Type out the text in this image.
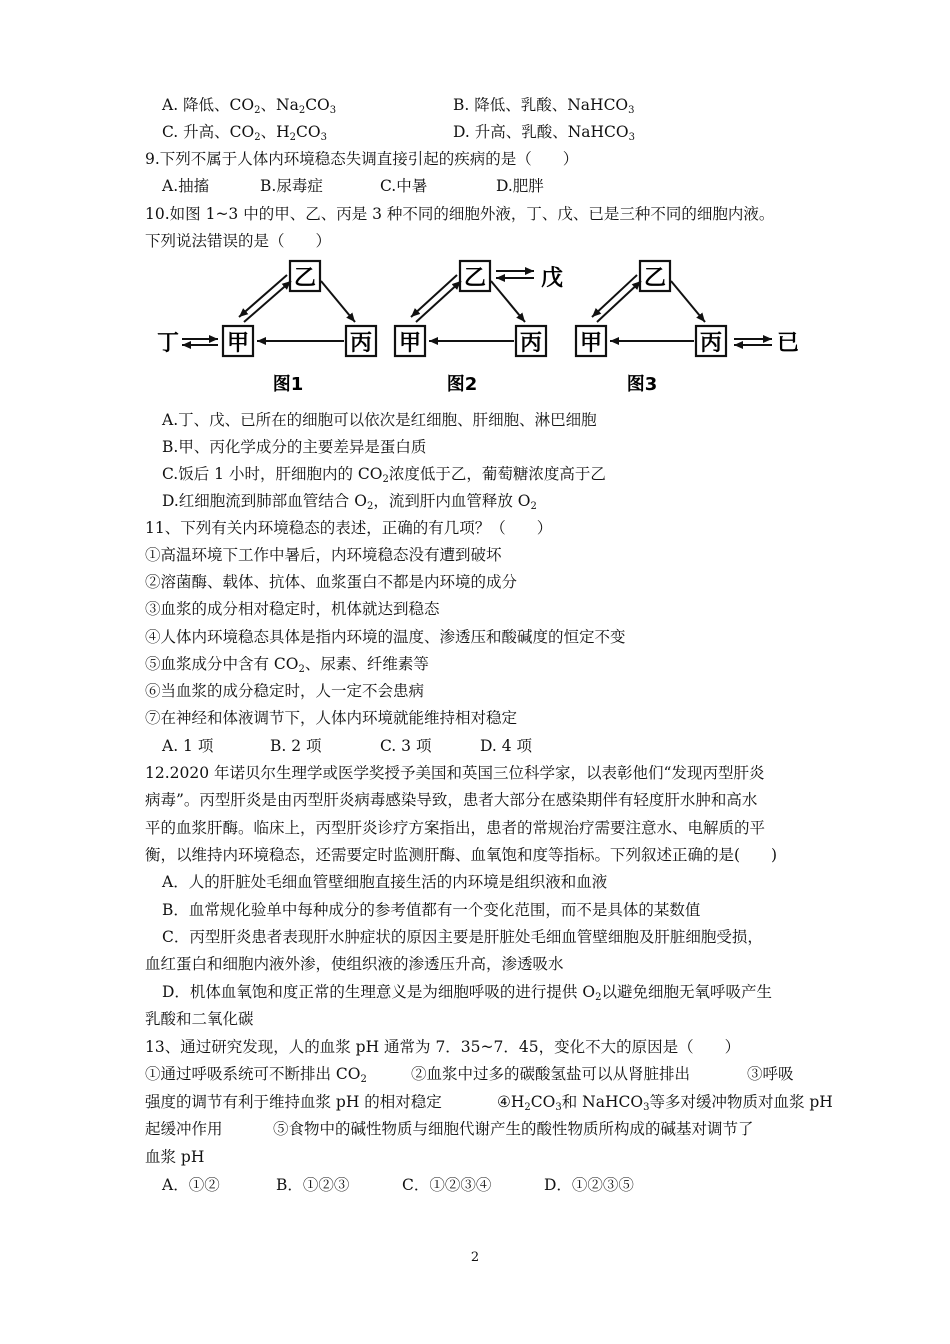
A. 降低、$CO_2$、$Na_2CO_3$	B. 降低、乳酸、NaHCO$_3$
C. 升高、$CO_2$、$H_2CO_3$	D. 升高、乳酸、NaHCO$_3$
9.下列不属于人体内环境稳态失调直接引起的疾病的是（　　）
A.抽搐	B.尿毒症	C.中暑	D.肥胖
10.如图 1~3 中的甲、乙、丙是 3 种不同的细胞外液，丁、戊、已是三种不同的细胞内液。
下列说法错误的是（　　）
乙
甲	丙
丁
图1
乙
甲	丙
戊
图2
乙
甲	丙 已
图3
A.丁、戊、已所在的细胞可以依次是红细胞、肝细胞、淋巴细胞
B.甲、丙化学成分的主要差异是蛋白质
C.饭后 1 小时，肝细胞内的 $CO_2$浓度低于乙，葡萄糖浓度高于乙
D.红细胞流到肺部血管结合 $O_2$，流到肝内血管释放 $O_2$
11、下列有关内环境稳态的表述，正确的有几项？（　　）
①高温环境下工作中暑后，内环境稳态没有遭到破坏
②溶菌酶、载体、抗体、血浆蛋白不都是内环境的成分
③血浆的成分相对稳定时，机体就达到稳态
④人体内环境稳态具体是指内环境的温度、渗透压和酸碱度的恒定不变
⑤血浆成分中含有 $CO_2$、尿素、纤维素等
⑥当血浆的成分稳定时，人一定不会患病
⑦在神经和体液调节下，人体内环境就能维持相对稳定
A. 1 项	B. 2 项	C. 3 项	D. 4 项
12.2020 年诺贝尔生理学或医学奖授予美国和英国三位科学家，以表彰他们“发现丙型肝炎
病毒”。丙型肝炎是由丙型肝炎病毒感染导致，患者大部分在感染期伴有轻度肝水肿和高水
平的血浆肝酶。临床上，丙型肝炎诊疗方案指出，患者的常规治疗需要注意水、电解质的平
衡，以维持内环境稳态，还需要定时监测肝酶、血氧饱和度等指标。下列叙述正确的是(　　)
A．人的肝脏处毛细血管壁细胞直接生活的内环境是组织液和血液
B．血常规化验单中每种成分的参考值都有一个变化范围，而不是具体的某数值
C．丙型肝炎患者表现肝水肿症状的原因主要是肝脏处毛细血管壁细胞及肝脏细胞受损，
血红蛋白和细胞内液外渗，使组织液的渗透压升高，渗透吸水
D．机体血氧饱和度正常的生理意义是为细胞呼吸的进行提供 $O_2$以避免细胞无氧呼吸产生
乳酸和二氧化碳
13、通过研究发现，人的血浆 pH 通常为 7．35~7．45，变化不大的原因是（　　）
①通过呼吸系统可不断排出 $CO_2$	②血浆中过多的碳酸氢盐可以从肾脏排出	③呼吸
强度的调节有利于维持血浆 pH 的相对稳定	$④H_2CO_3$和 NaHCO$_3$等多对缓冲物质对血浆 pH
起缓冲作用	⑤食物中的碱性物质与细胞代谢产生的酸性物质所构成的碱基对调节了
血浆 pH
A．①②	B．①②③	C．①②③④	D．①②③⑤
2
